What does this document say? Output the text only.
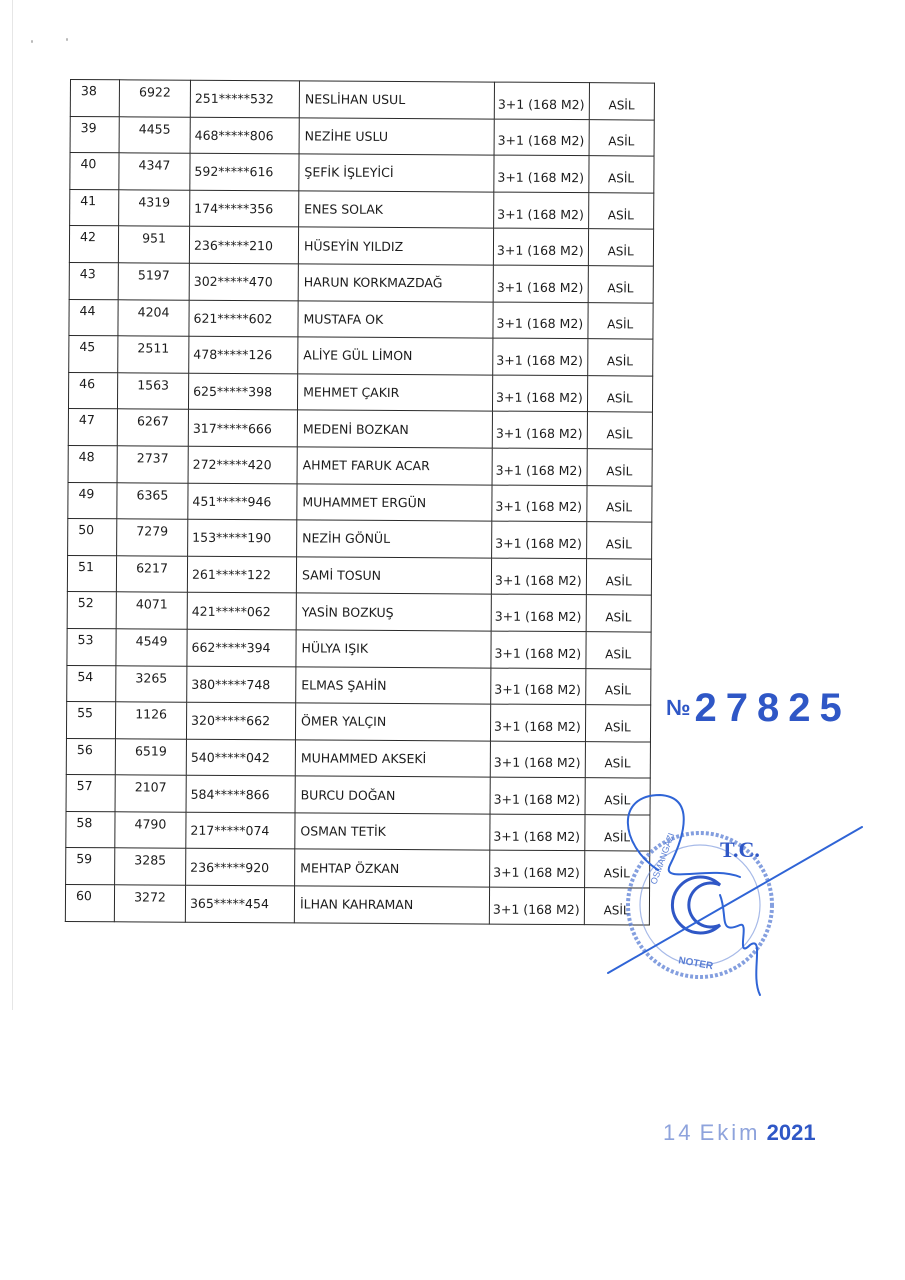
38	6922	251*****532	NESLİHAN USUL	3+1 (168 M2)	ASİL
39	4455	468*****806	NEZİHE USLU	3+1 (168 M2)	ASİL
40	4347	592*****616	ŞEFİK İŞLEYİCİ	3+1 (168 M2)	ASİL
41	4319	174*****356	ENES SOLAK	3+1 (168 M2)	ASİL
42	951	236*****210	HÜSEYİN YILDIZ	3+1 (168 M2)	ASİL
43	5197	302*****470	HARUN KORKMAZDAĞ	3+1 (168 M2)	ASİL
44	4204	621*****602	MUSTAFA OK	3+1 (168 M2)	ASİL
45	2511	478*****126	ALİYE GÜL LİMON	3+1 (168 M2)	ASİL
46	1563	625*****398	MEHMET ÇAKIR	3+1 (168 M2)	ASİL
47	6267	317*****666	MEDENİ BOZKAN	3+1 (168 M2)	ASİL
48	2737	272*****420	AHMET FARUK ACAR	3+1 (168 M2)	ASİL
49	6365	451*****946	MUHAMMET ERGÜN	3+1 (168 M2)	ASİL
50	7279	153*****190	NEZİH GÖNÜL	3+1 (168 M2)	ASİL
51	6217	261*****122	SAMİ TOSUN	3+1 (168 M2)	ASİL
52	4071	421*****062	YASİN BOZKUŞ	3+1 (168 M2)	ASİL
53	4549	662*****394	HÜLYA IŞIK	3+1 (168 M2)	ASİL
54	3265	380*****748	ELMAS ŞAHİN	3+1 (168 M2)	ASİL
55	1126	320*****662	ÖMER YALÇIN	3+1 (168 M2)	ASİL
56	6519	540*****042	MUHAMMED AKSEKİ	3+1 (168 M2)	ASİL
57	2107	584*****866	BURCU DOĞAN	3+1 (168 M2)	ASİL
58	4790	217*****074	OSMAN TETİK	3+1 (168 M2)	ASİL
59	3285	236*****920	MEHTAP ÖZKAN	3+1 (168 M2)	ASİL
60	3272	365*****454	İLHAN KAHRAMAN	3+1 (168 M2)	ASİL
№ 27825
T.C.
NOTER
OSMANGAZI
14 Ekim 2021
